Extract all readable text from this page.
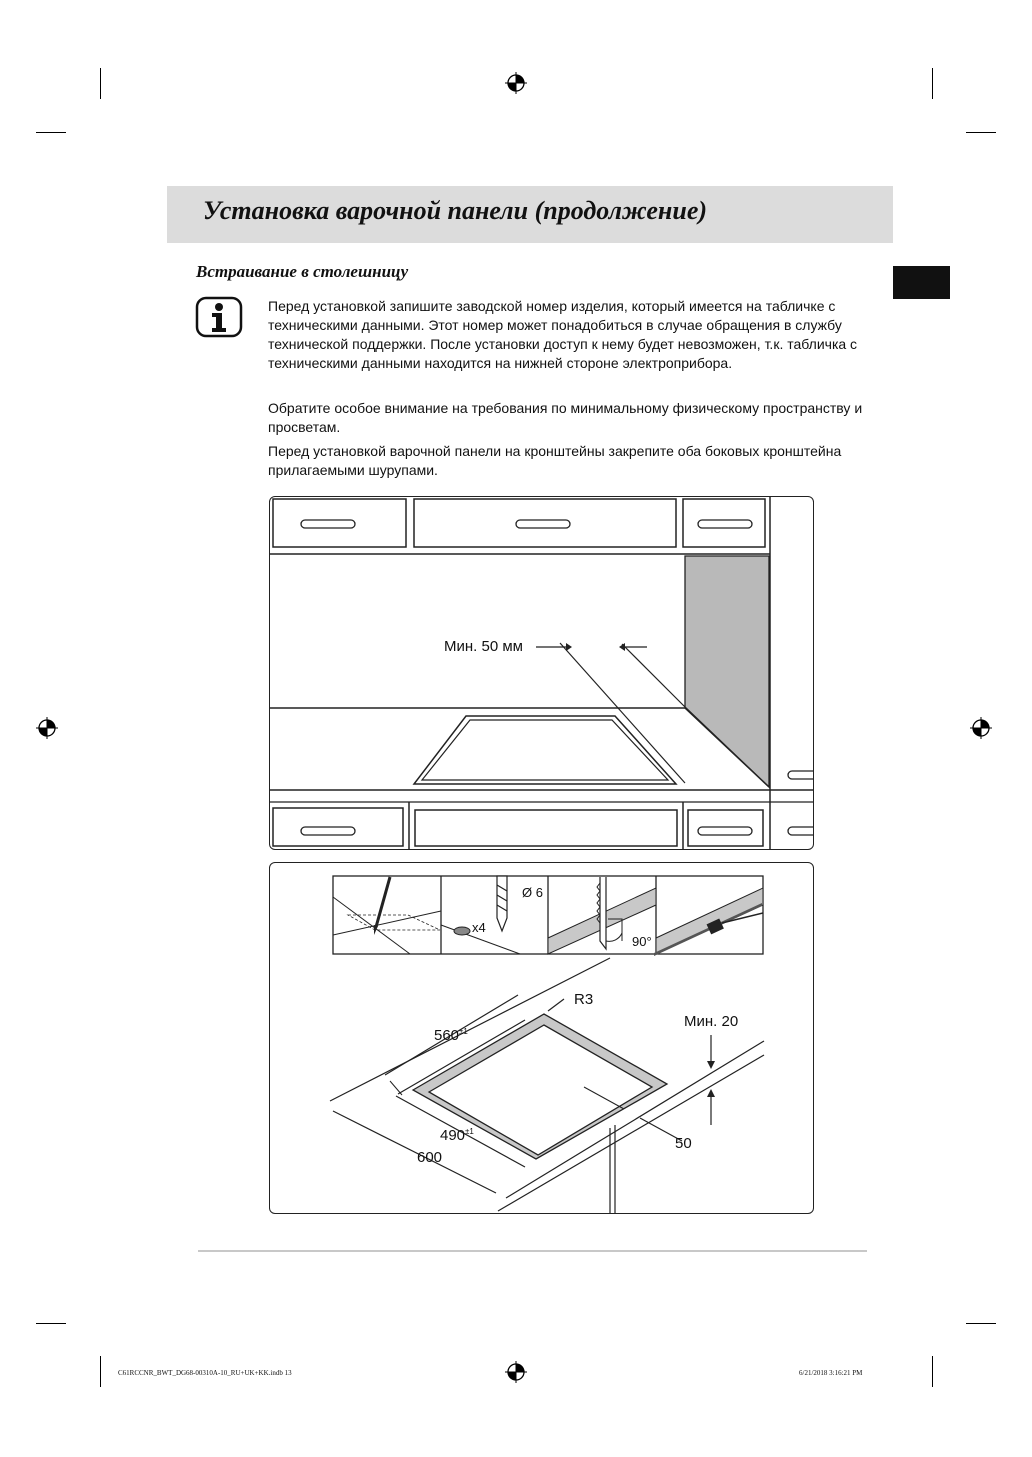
Установка варочной панели (продолжение)
Встраивание в столешницу
Перед установкой запишите заводской номер изделия, который имеется на табличке с техническими данными. Этот номер может понадобиться в случае обращения в службу технической поддержки. После установки доступ к нему будет невозможен, т.к. табличка с техническими данными находится на нижней стороне электроприбора.
Обратите особое внимание на требования по минимальному физическому пространству и просветам.
Перед установкой варочной панели на кронштейны закрепите оба боковых кронштейна прилагаемыми шурупами.
Мин. 50 мм
x4
Ø 6
90°
R3
Мин. 20
$560^{\pm 1}$
$490^{\pm 1}$
600
50
C61RCCNR_BWT_DG68-00310A-10_RU+UK+KK.indb 13	6/21/2018 3:16:21 PM
